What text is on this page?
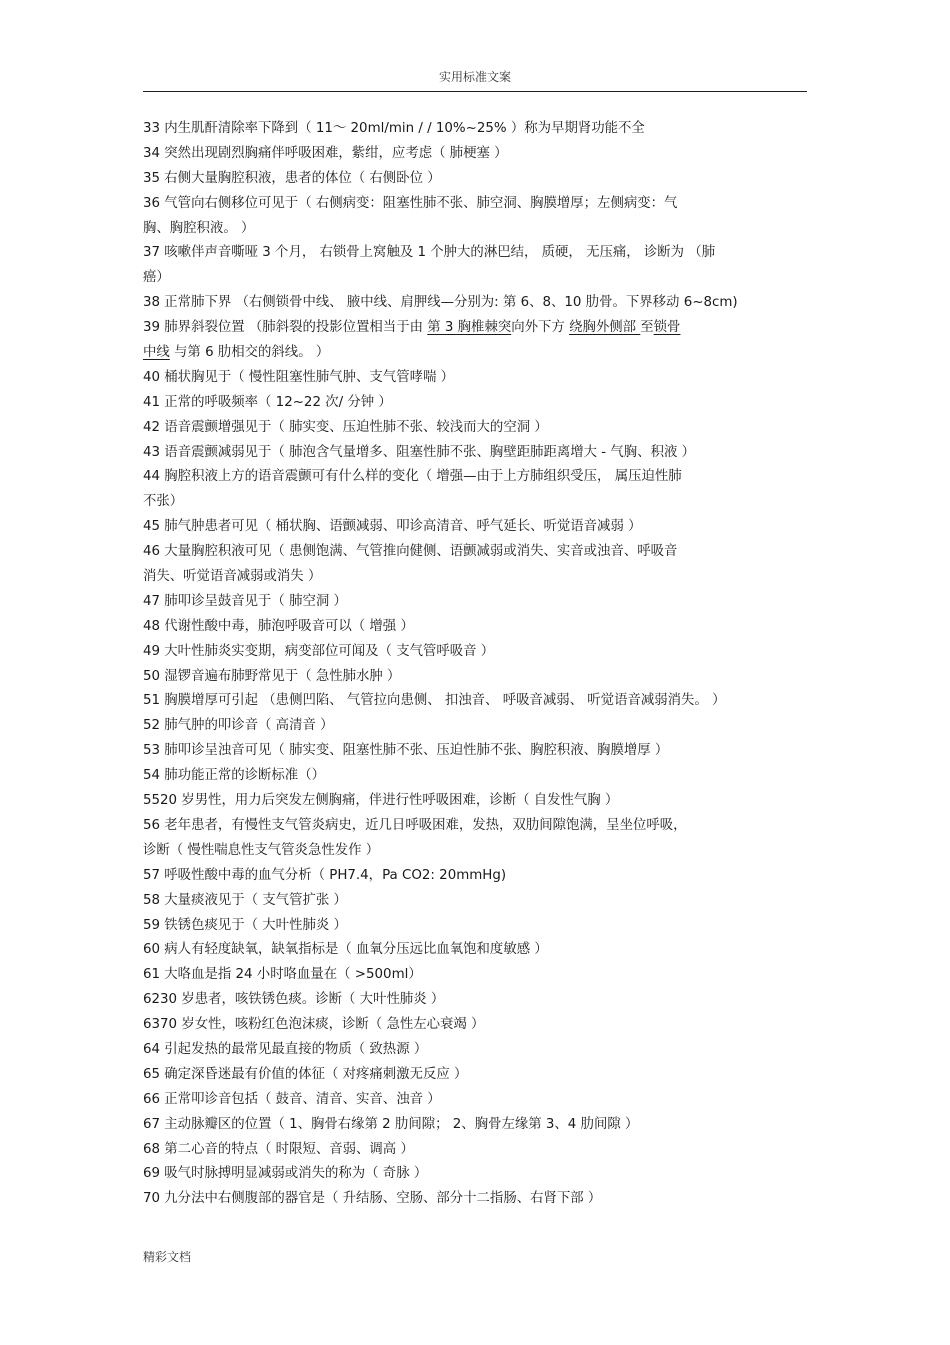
实用标准文案
33 内生肌酐清除率下降到（ 11～ 20ml/min / / 10%~25% ）称为早期肾功能不全
34 突然出现剧烈胸痛伴呼吸困难，紫绀，应考虑（ 肺梗塞 ）
35 右侧大量胸腔积液，患者的体位（ 右侧卧位 ）
36 气管向右侧移位可见于（ 右侧病变：阻塞性肺不张、肺空洞、胸膜增厚；左侧病变：气
胸、胸腔积液。 ）
37 咳嗽伴声音嘶哑 3 个月， 右锁骨上窝触及 1 个肿大的淋巴结， 质硬， 无压痛， 诊断为 （肺
癌）
38 正常肺下界 （右侧锁骨中线、 腋中线、肩胛线—分别为: 第 6、8、10 肋骨。下界移动 6~8cm)
39 肺界斜裂位置 （肺斜裂的投影位置相当于由 第 3 胸椎棘突向外下方 绕胸外侧部 至锁骨
中线 与第 6 肋相交的斜线。 ）
40 桶状胸见于（ 慢性阻塞性肺气肿、支气管哮喘 ）
41 正常的呼吸频率（ 12~22 次/ 分钟 ）
42 语音震颤增强见于（ 肺实变、压迫性肺不张、较浅而大的空洞 ）
43 语音震颤减弱见于（ 肺泡含气量增多、阻塞性肺不张、胸壁距肺距离增大 - 气胸、积液 ）
44 胸腔积液上方的语音震颤可有什么样的变化（ 增强—由于上方肺组织受压， 属压迫性肺
不张）
45 肺气肿患者可见（ 桶状胸、语颤减弱、叩诊高清音、呼气延长、听觉语音减弱 ）
46 大量胸腔积液可见（ 患侧饱满、气管推向健侧、语颤减弱或消失、实音或浊音、呼吸音
消失、听觉语音减弱或消失 ）
47 肺叩诊呈鼓音见于（ 肺空洞 ）
48 代谢性酸中毒，肺泡呼吸音可以（ 增强 ）
49 大叶性肺炎实变期，病变部位可闻及（ 支气管呼吸音 ）
50 湿锣音遍布肺野常见于（ 急性肺水肿 ）
51 胸膜增厚可引起 （患侧凹陷、 气管拉向患侧、 扣浊音、 呼吸音减弱、 听觉语音减弱消失。 ）
52 肺气肿的叩诊音（ 高清音 ）
53 肺叩诊呈浊音可见（ 肺实变、阻塞性肺不张、压迫性肺不张、胸腔积液、胸膜增厚 ）
54 肺功能正常的诊断标准（）
5520 岁男性，用力后突发左侧胸痛，伴进行性呼吸困难，诊断（ 自发性气胸 ）
56 老年患者，有慢性支气管炎病史，近几日呼吸困难，发热，双肋间隙饱满，呈坐位呼吸，
诊断（ 慢性喘息性支气管炎急性发作 ）
57 呼吸性酸中毒的血气分析（ PH7.4，Pa CO2: 20mmHg)
58 大量痰液见于（ 支气管扩张 ）
59 铁锈色痰见于（ 大叶性肺炎 ）
60 病人有轻度缺氧，缺氧指标是（ 血氧分压远比血氧饱和度敏感 ）
61 大咯血是指 24 小时咯血量在（ >500ml）
6230 岁患者，咳铁锈色痰。诊断（ 大叶性肺炎 ）
6370 岁女性，咳粉红色泡沫痰，诊断（ 急性左心衰竭 ）
64 引起发热的最常见最直接的物质（ 致热源 ）
65 确定深昏迷最有价值的体征（ 对疼痛刺激无反应 ）
66 正常叩诊音包括（ 鼓音、清音、实音、浊音 ）
67 主动脉瓣区的位置（ 1、胸骨右缘第 2 肋间隙； 2、胸骨左缘第 3、4 肋间隙 ）
68 第二心音的特点（ 时限短、音弱、调高 ）
69 吸气时脉搏明显减弱或消失的称为（ 奇脉 ）
70 九分法中右侧腹部的器官是（ 升结肠、空肠、部分十二指肠、右肾下部 ）
精彩文档
